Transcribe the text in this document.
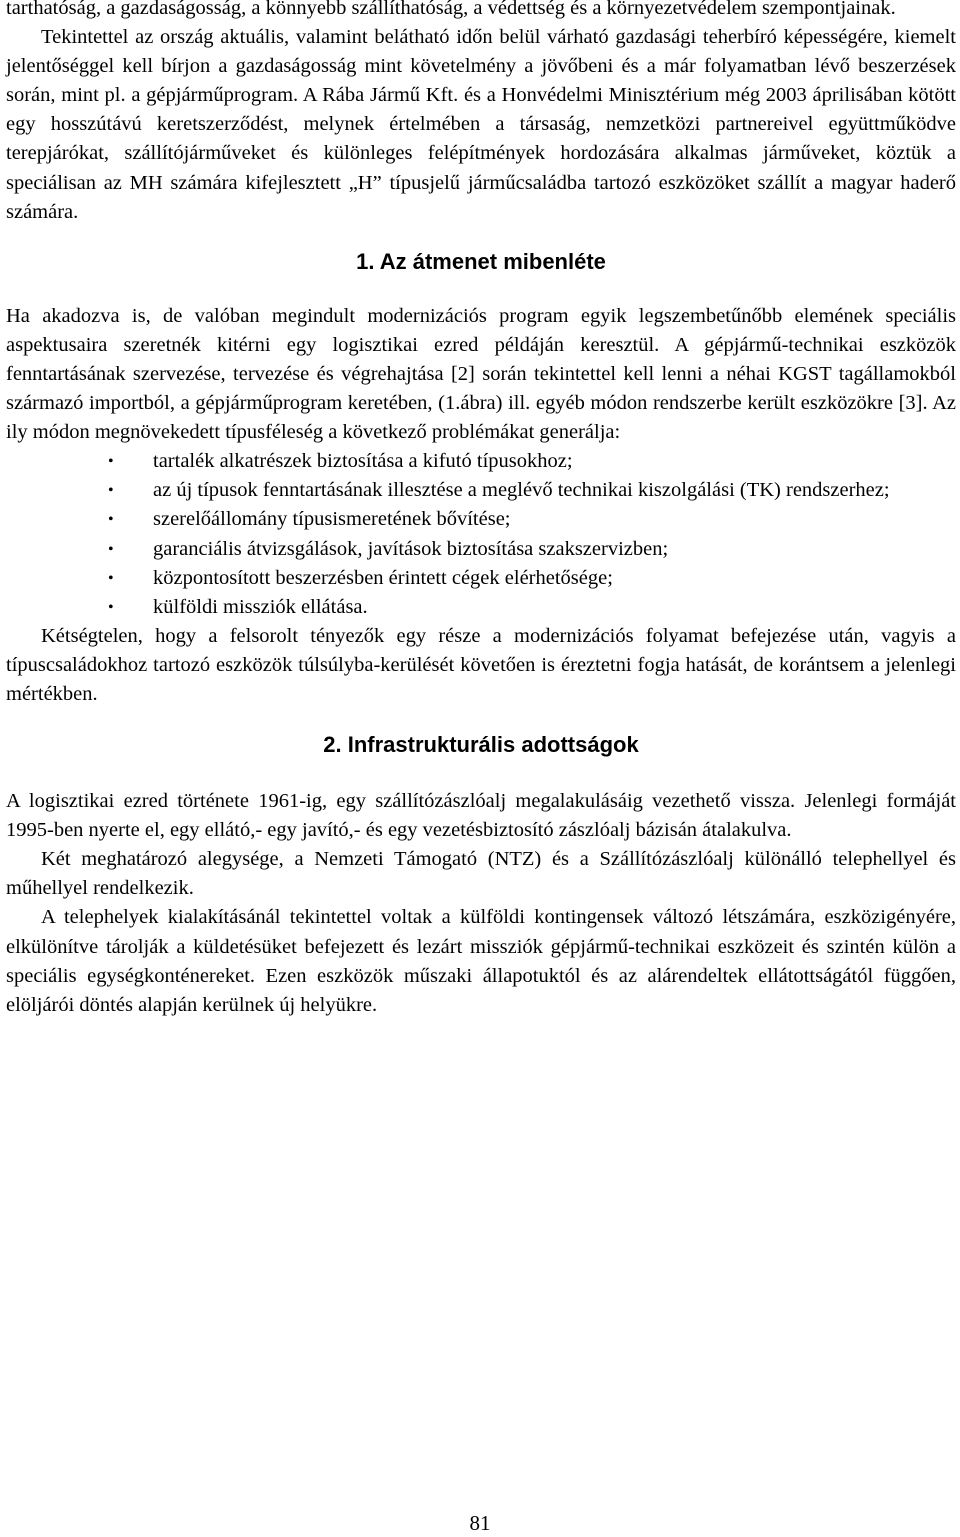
tarthatóság, a gazdaságosság, a könnyebb szállíthatóság, a védettség és a környezetvédelem szempontjainak.

Tekintettel az ország aktuális, valamint belátható időn belül várható gazdasági teherbíró képességére, kiemelt jelentőséggel kell bírjon a gazdaságosság mint követelmény a jövőbeni és a már folyamatban lévő beszerzések során, mint pl. a gépjárműprogram. A Rába Jármű Kft. és a Honvédelmi Minisztérium még 2003 áprilisában kötött egy hosszútávú keretszerződést, melynek értelmében a társaság, nemzetközi partnereivel együttműködve terepjárókat, szállítójárműveket és különleges felépítmények hordozására alkalmas járműveket, köztük a speciálisan az MH számára kifejlesztett „H” típusjelű járműcsaládba tartozó eszközöket szállít a magyar haderő számára.

1. Az átmenet mibenléte

Ha akadozva is, de valóban megindult modernizációs program egyik legszembetűnőbb elemének speciális aspektusaira szeretnék kitérni egy logisztikai ezred példáján keresztül. A gépjármű-technikai eszközök fenntartásának szervezése, tervezése és végrehajtása [2] során tekintettel kell lenni a néhai KGST tagállamokból származó importból, a gépjárműprogram keretében, (1.ábra) ill. egyéb módon rendszerbe került eszközökre [3]. Az ily módon megnövekedett típusféleség a következő problémákat generálja:

• tartalék alkatrészek biztosítása a kifutó típusokhoz;
• az új típusok fenntartásának illesztése a meglévő technikai kiszolgálási (TK) rendszerhez;
• szerelőállomány típusismeretének bővítése;
• garanciális átvizsgálások, javítások biztosítása szakszervizben;
• központosított beszerzésben érintett cégek elérhetősége;
• külföldi missziók ellátása.

Kétségtelen, hogy a felsorolt tényezők egy része a modernizációs folyamat befejezése után, vagyis a típuscsaládokhoz tartozó eszközök túlsúlyba-kerülését követően is éreztetni fogja hatását, de korántsem a jelenlegi mértékben.

2. Infrastrukturális adottságok

A logisztikai ezred története 1961-ig, egy szállítózászlóalj megalakulásáig vezethető vissza. Jelenlegi formáját 1995-ben nyerte el, egy ellátó,- egy javító,- és egy vezetésbiztosító zászlóalj bázisán átalakulva.

Két meghatározó alegysége, a Nemzeti Támogató (NTZ) és a Szállítózászlóalj különálló telephellyel és műhellyel rendelkezik.

A telephelyek kialakításánál tekintettel voltak a külföldi kontingensek változó létszámára, eszközigényére, elkülönítve tárolják a küldetésüket befejezett és lezárt missziók gépjármű-technikai eszközeit és szintén külön a speciális egységkonténereket. Ezen eszközök műszaki állapotuktól és az alárendeltek ellátottságától függően, elöljárói döntés alapján kerülnek új helyükre.

81
